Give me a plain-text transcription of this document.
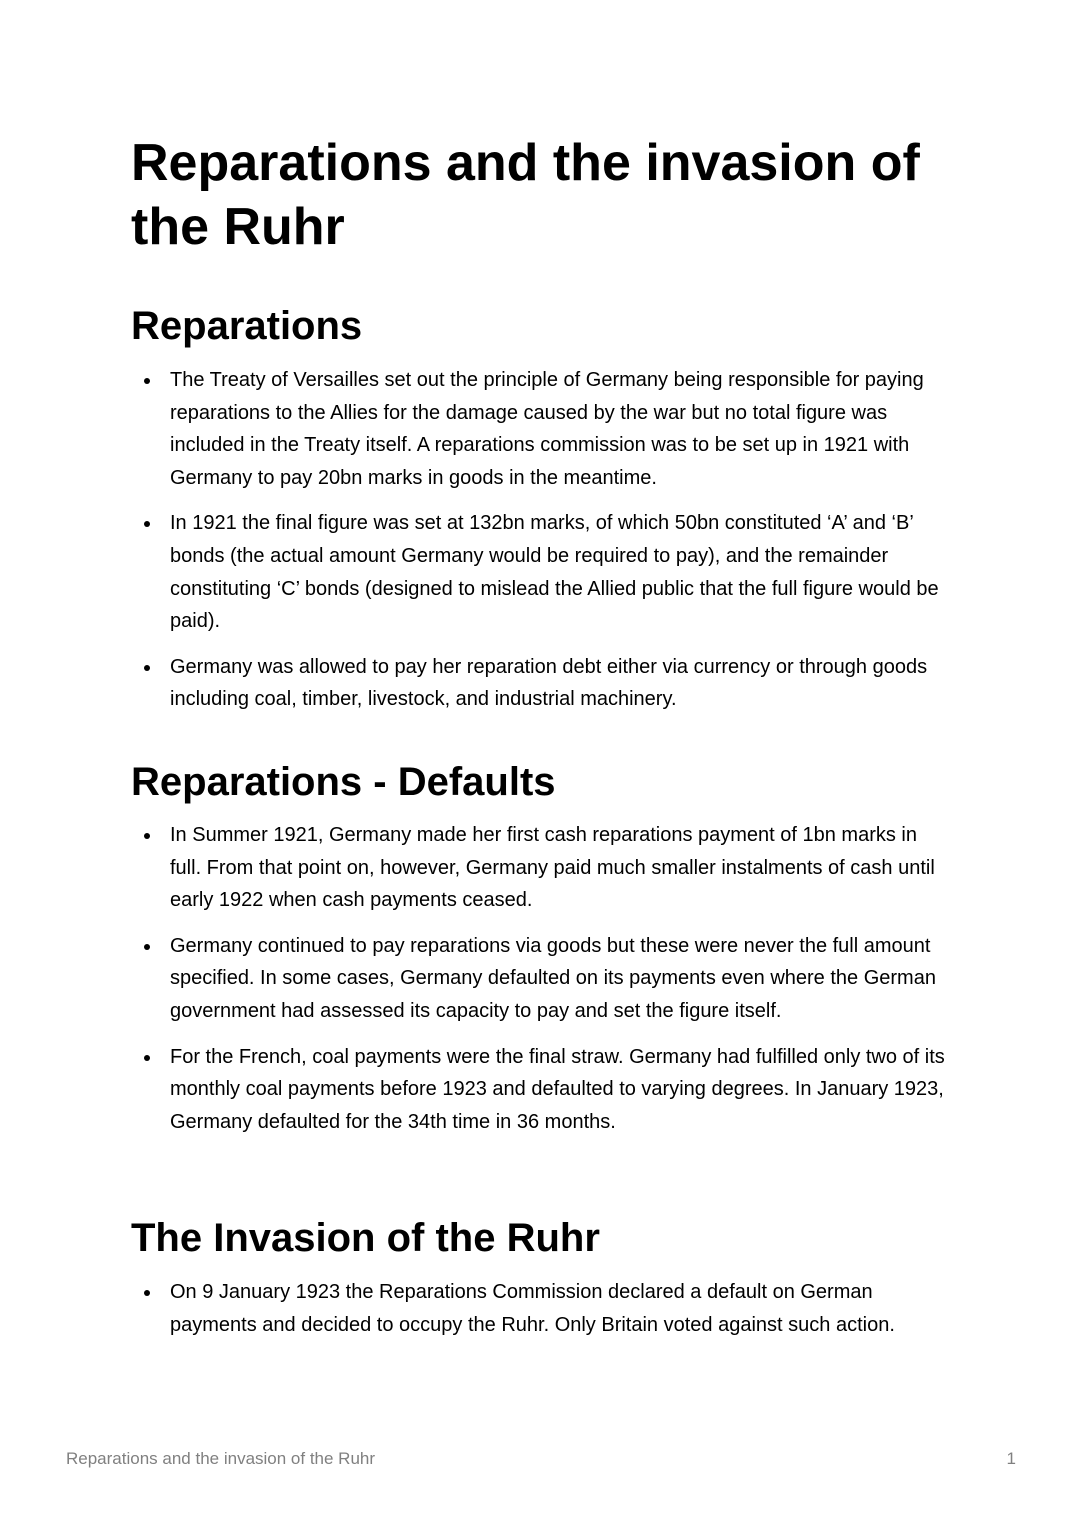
Reparations and the invasion of the Ruhr
Reparations
The Treaty of Versailles set out the principle of Germany being responsible for paying reparations to the Allies for the damage caused by the war but no total figure was included in the Treaty itself. A reparations commission was to be set up in 1921 with Germany to pay 20bn marks in goods in the meantime.
In 1921 the final figure was set at 132bn marks, of which 50bn constituted ‘A’ and ‘B’ bonds (the actual amount Germany would be required to pay), and the remainder constituting ‘C’ bonds (designed to mislead the Allied public that the full figure would be paid).
Germany was allowed to pay her reparation debt either via currency or through goods including coal, timber, livestock, and industrial machinery.
Reparations - Defaults
In Summer 1921, Germany made her first cash reparations payment of 1bn marks in full. From that point on, however, Germany paid much smaller instalments of cash until early 1922 when cash payments ceased.
Germany continued to pay reparations via goods but these were never the full amount specified. In some cases, Germany defaulted on its payments even where the German government had assessed its capacity to pay and set the figure itself.
For the French, coal payments were the final straw. Germany had fulfilled only two of its monthly coal payments before 1923 and defaulted to varying degrees. In January 1923, Germany defaulted for the 34th time in 36 months.
The Invasion of the Ruhr
On 9 January 1923 the Reparations Commission declared a default on German payments and decided to occupy the Ruhr. Only Britain voted against such action.
Reparations and the invasion of the Ruhr	1
